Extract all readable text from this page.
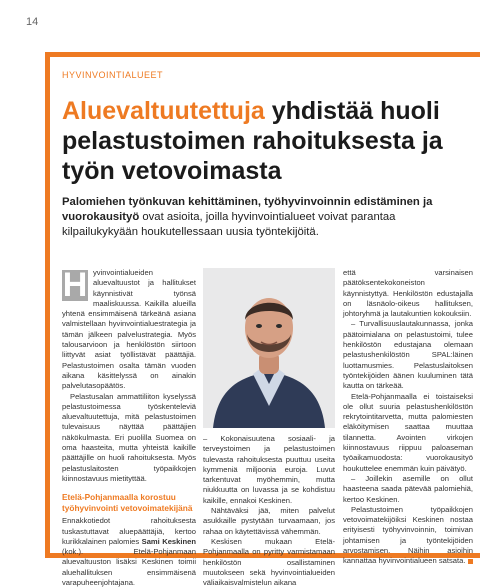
14
HYVINVOINTIALUEET
Aluevaltuutettuja yhdistää huoli pelastustoimen rahoituksesta ja työn vetovoimasta

Palomiehen työnkuvan kehittäminen, työhyvinvoinnin edistäminen ja vuorokausityö ovat asioita, joilla hyvinvointialueet voivat parantaa kilpailukykyään houkutellessaan uusia työntekijöitä.

H yvinvointialueiden aluevaltuustot ja hallitukset käynnistivät työnsä maaliskuussa. Kaikilla alueilla yhtenä ensimmäisenä tärkeänä asiana valmistellaan hyvinvointialuestrategia ja tämän jälkeen palvelustrategia. Myös talousarvioon ja henkilöstön siirtoon liittyvät asiat työllistävät päättäjiä. Pelastustoimen osalta tämän vuoden aikana käsittelyssä on ainakin palvelutasopäätös.

Pelastusalan ammattiliiton kyselyssä pelastustoimessa työskenteleviä aluevaltuutettuja, mitä pelastustoimen tulevaisuus näyttää päättäjien näkökulmasta. Eri puolilla Suomea on oma haasteita, mutta yhteistä kaikille päättäjille on huoli rahoituksesta. Myös pelastuslaitosten työpaikkojen kiinnostavuus mietityttää.

Etelä-Pohjanmaalla korostuu työhyvinvointi vetovoimatekijänä

Ennakkotiedot rahoituksesta tuskastuttavat aluepäättäjiä, kertoo kurikkalainen palomies Sami Keskinen (kok.). Etelä-Pohjanmaan aluevaltuuston lisäksi Keskinen toimii aluehallituksen ensimmäisenä varapuheenjohtajana.

– Kokonaisuutena sosiaali- ja terveystoimen ja pelastustoimen tulevasta rahoituksesta puuttuu useita kymmeniä miljoonia euroja. Luvut tarkentuvat myöhemmin, mutta niukkuutta on luvassa ja se kohdistuu kaikille, ennakoi Keskinen.

Nähtäväksi jää, miten palvelut asukkaille pystytään turvaamaan, jos rahaa on käytettävissä vähemmän.

Keskisen mukaan Etelä-Pohjanmaalla on pyritty varmistamaan henkilöstön osallistaminen muutokseen sekä hyvinvointialueiden väliaikaisvalmistelun aikana

että varsinaisen päätöksentekokoneiston käynnistyttyä. Henkilöstön edustajalla on läsnäolo-oikeus hallituksen, johtoryhmä ja lautakuntien kokouksiin.

– Turvallisuuslautakunnassa, jonka päätoimialana on pelastustoimi, tulee henkilöstön edustajana olemaan pelastushenkilöstön SPAL:läinen luottamusmies. Pelastuslaitoksen työntekijöiden äänen kuuluminen tätä kautta on tärkeää.

Etelä-Pohjanmaalla ei toistaiseksi ole ollut suuria pelastushenkilöstön rekrytointitarvetta, mutta palomiesten eläköitymisen saattaa muuttaa tilannetta. Avointen virkojen kiinnostavuus riippuu paloaseman työaikamuodosta: vuorokausityö houkuttelee enemmän kuin päivätyö.

– Joillekin asemille on ollut haasteena saada pätevää palomiehiä, kertoo Keskinen.

Pelastustoimen työpaikkojen vetovoimatekijöiksi Keskinen nostaa erityisesti työhyvinvoinnin, toimivan johtamisen ja työntekijöiden arvostamisen. Näihin asioihin kannattaa hyvinvointialueen satsata.
